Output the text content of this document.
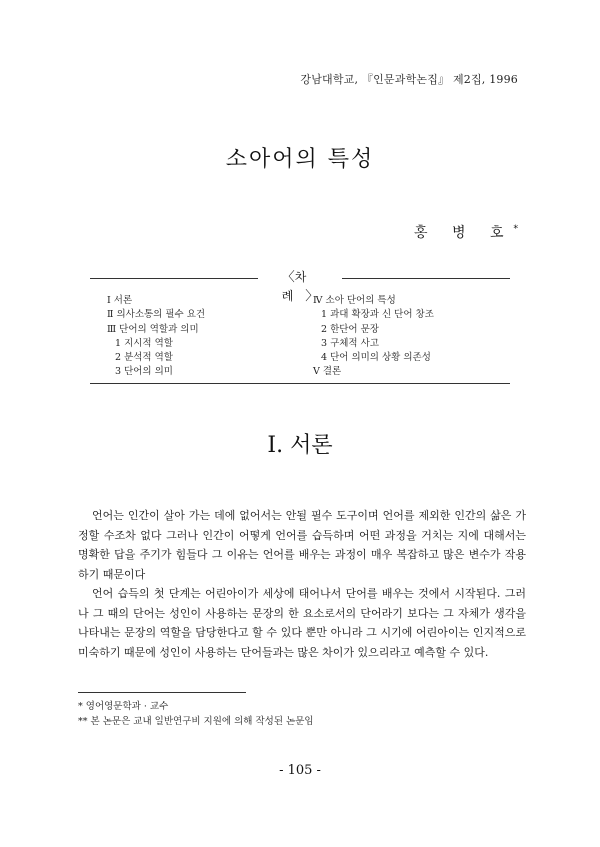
강남대학교, 『인문과학논집』 제2집, 1996
소아어의 특성
홍 병 호*
〈차 례〉
Ⅰ 서론
Ⅱ 의사소통의 필수 요건
Ⅲ 단어의 역할과 의미
1 지시적 역할
2 분석적 역할
3 단어의 의미
Ⅳ 소아 단어의 특성
1 과대 확장과 신 단어 창조
2 한단어 문장
3 구체적 사고
4 단어 의미의 상황 의존성
Ⅴ 결론
I. 서론

언어는 인간이 살아 가는 데에 없어서는 안될 필수 도구이며 언어를 제외한 인간의 삶은 가정할 수조차 없다 그러나 인간이 어떻게 언어를 습득하며 어떤 과정을 거치는 지에 대해서는 명확한 답을 주기가 힘들다 그 이유는 언어를 배우는 과정이 매우 복잡하고 많은 변수가 작용하기 때문이다

언어 습득의 첫 단계는 어린아이가 세상에 태어나서 단어를 배우는 것에서 시작된다. 그러나 그 때의 단어는 성인이 사용하는 문장의 한 요소로서의 단어라기 보다는 그 자체가 생각을 나타내는 문장의 역할을 담당한다고 할 수 있다 뿐만 아니라 그 시기에 어린아이는 인지적으로 미숙하기 때문에 성인이 사용하는 단어들과는 많은 차이가 있으리라고 예측할 수 있다.

* 영어영문학과 · 교수
** 본 논문은 교내 일반연구비 지원에 의해 작성된 논문임
- 105 -
